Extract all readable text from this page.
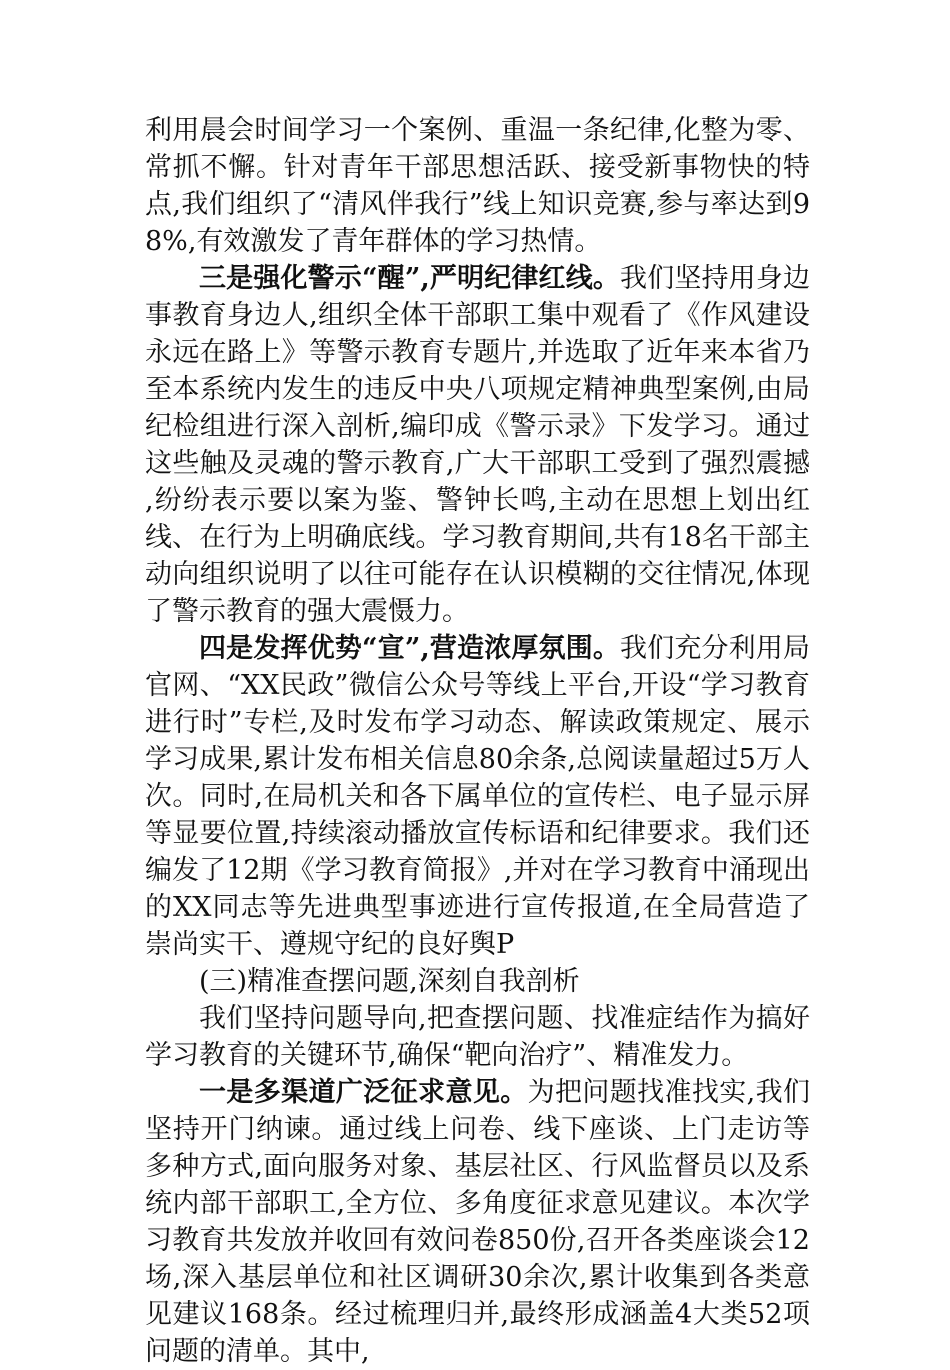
利用晨会时间学习一个案例、重温一条纪律,化整为零、常抓不懈。针对青年干部思想活跃、接受新事物快的特点,我们组织了“清风伴我行”线上知识竞赛,参与率达到98%,有效激发了青年群体的学习热情。

三是强化警示“醒”,严明纪律红线。我们坚持用身边事教育身边人,组织全体干部职工集中观看了《作风建设永远在路上》等警示教育专题片,并选取了近年来本省乃至本系统内发生的违反中央八项规定精神典型案例,由局纪检组进行深入剖析,编印成《警示录》下发学习。通过这些触及灵魂的警示教育,广大干部职工受到了强烈震撼,纷纷表示要以案为鉴、警钟长鸣,主动在思想上划出红线、在行为上明确底线。学习教育期间,共有18名干部主动向组织说明了以往可能存在认识模糊的交往情况,体现了警示教育的强大震慑力。

四是发挥优势“宣”,营造浓厚氛围。我们充分利用局官网、“XX民政”微信公众号等线上平台,开设“学习教育进行时”专栏,及时发布学习动态、解读政策规定、展示学习成果,累计发布相关信息80余条,总阅读量超过5万人次。同时,在局机关和各下属单位的宣传栏、电子显示屏等显要位置,持续滚动播放宣传标语和纪律要求。我们还编发了12期《学习教育简报》,并对在学习教育中涌现出的XX同志等先进典型事迹进行宣传报道,在全局营造了崇尚实干、遵规守纪的良好舆P

(三)精准查摆问题,深刻自我剖析

我们坚持问题导向,把查摆问题、找准症结作为搞好学习教育的关键环节,确保“靶向治疗”、精准发力。

一是多渠道广泛征求意见。为把问题找准找实,我们坚持开门纳谏。通过线上问卷、线下座谈、上门走访等多种方式,面向服务对象、基层社区、行风监督员以及系统内部干部职工,全方位、多角度征求意见建议。本次学习教育共发放并收回有效问卷850份,召开各类座谈会12场,深入基层单位和社区调研30余次,累计收集到各类意见建议168条。经过梳理归并,最终形成涵盖4大类52项问题的清单。其中,
